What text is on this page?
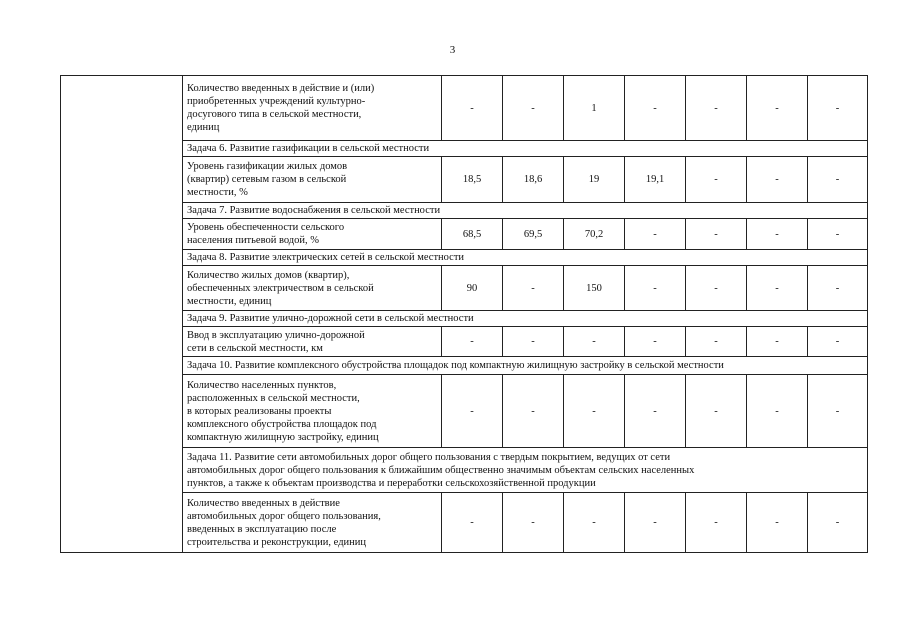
3
	Количество введенных в действие и (или)
приобретенных учреждений культурно-
досугового типа в сельской местности,
единиц	-	-	1	-	-	-	-
	Задача 6. Развитие газификации в сельской местности							
	Уровень газификации жилых домов
(квартир) сетевым газом в сельской
местности, %	18,5	18,6	19	19,1	-	-	-
	Задача 7. Развитие водоснабжения в сельской местности							
	Уровень обеспеченности сельского
населения питьевой водой, %	68,5	69,5	70,2	-	-	-	-
	Задача 8. Развитие электрических сетей в сельской местности							
	Количество жилых домов (квартир),
обеспеченных электричеством в сельской
местности, единиц	90	-	150	-	-	-	-
	Задача 9. Развитие улично-дорожной сети в сельской местности							
	Ввод в эксплуатацию улично-дорожной
сети в сельской местности, км	-	-	-	-	-	-	-
	Задача 10. Развитие комплексного обустройства площадок под компактную жилищную застройку в сельской местности							
	Количество населенных пунктов,
расположенных в сельской местности,
в которых реализованы проекты
комплексного обустройства площадок под
компактную жилищную застройку, единиц	-	-	-	-	-	-	-
	Задача 11. Развитие сети автомобильных дорог общего пользования с твердым покрытием, ведущих от сети
автомобильных дорог общего пользования к ближайшим общественно значимым объектам сельских населенных
пунктов, а также к объектам производства и переработки сельскохозяйственной продукции							
	Количество введенных в действие
автомобильных дорог общего пользования,
введенных в эксплуатацию после
строительства и реконструкции, единиц	-	-	-	-	-	-	-
